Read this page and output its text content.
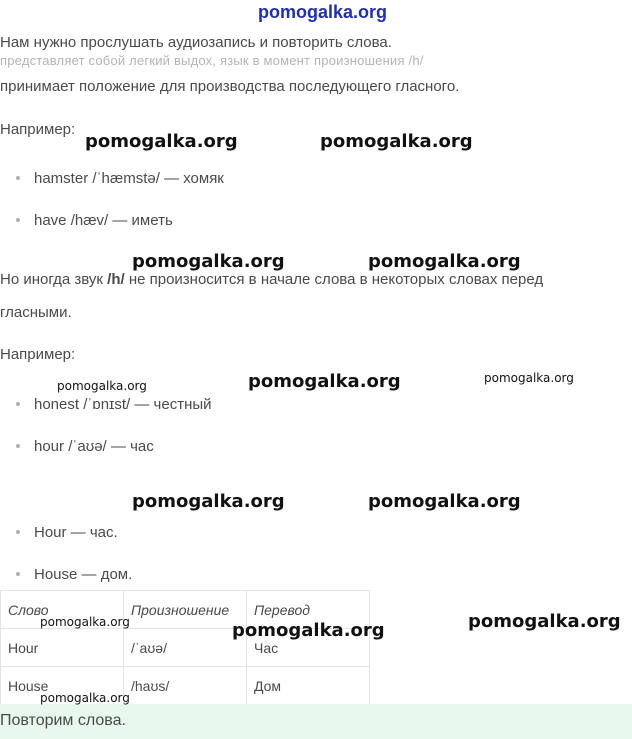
pomogalka.org
представляет собой легкий выдох, язык в момент произношения /h/
Нам нужно прослушать аудиозапись и повторить слова.
принимает положение для производства последующего гласного.
Например:
hamster /ˈhæmstə/ — хомяк
have /hæv/ — иметь
Но иногда звук /h/ не произносится в начале слова в некоторых словах перед
гласными.
Например:
honest /ˈɒnɪst/ — честный
hour /ˈaʊə/ — час
Hour — час.
House — дом.
Слово	Произношение	Перевод
Hour	/ˈaʊə/	Час
House	/haʊs/	Дом
Повторим слова.
pomogalka.org	pomogalka.org
pomogalka.org	pomogalka.org
pomogalka.org	pomogalka.org	pomogalka.org
pomogalka.org	pomogalka.org
pomogalka.org	pomogalka.org	pomogalka.org
pomogalka.org
